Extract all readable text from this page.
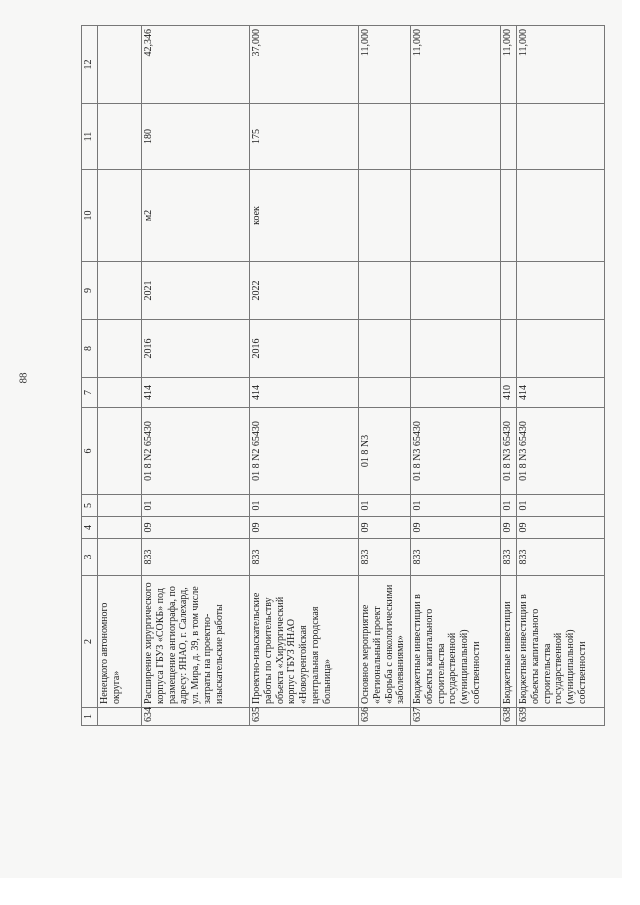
88
1	2	3	4	5	6	7	8	9	10	11	12
	Ненецкого автономного округа»										
634	Расширение хирургического корпуса ГБУЗ «СОКБ» под размещение ангиографа, по адресу: ЯНАО, г. Салехард, ул. Мира, д. 39, в том числе затраты на проектно-изыскательские работы	833	09	01	01 8 N2 65430	414	2016	2021	м2	180	42,346
635	Проектно-изыскательские работы по строительству объекта «Хирургический корпус ГБУЗ ЯНАО «Новоуренгойская центральная городская больница»	833	09	01	01 8 N2 65430	414	2016	2022	коек	175	37,000
636	Основное мероприятие «Региональный проект «Борьба с онкологическими заболеваниями»	833	09	01	01 8 N3						11,000
637	Бюджетные инвестиции в объекты капитального строительства государственной (муниципальной) собственности	833	09	01	01 8 N3 65430						11,000
638	Бюджетные инвестиции	833	09	01	01 8 N3 65430	410					11,000
639	Бюджетные инвестиции в объекты капитального строительства государственной (муниципальной) собственности	833	09	01	01 8 N3 65430	414					11,000
